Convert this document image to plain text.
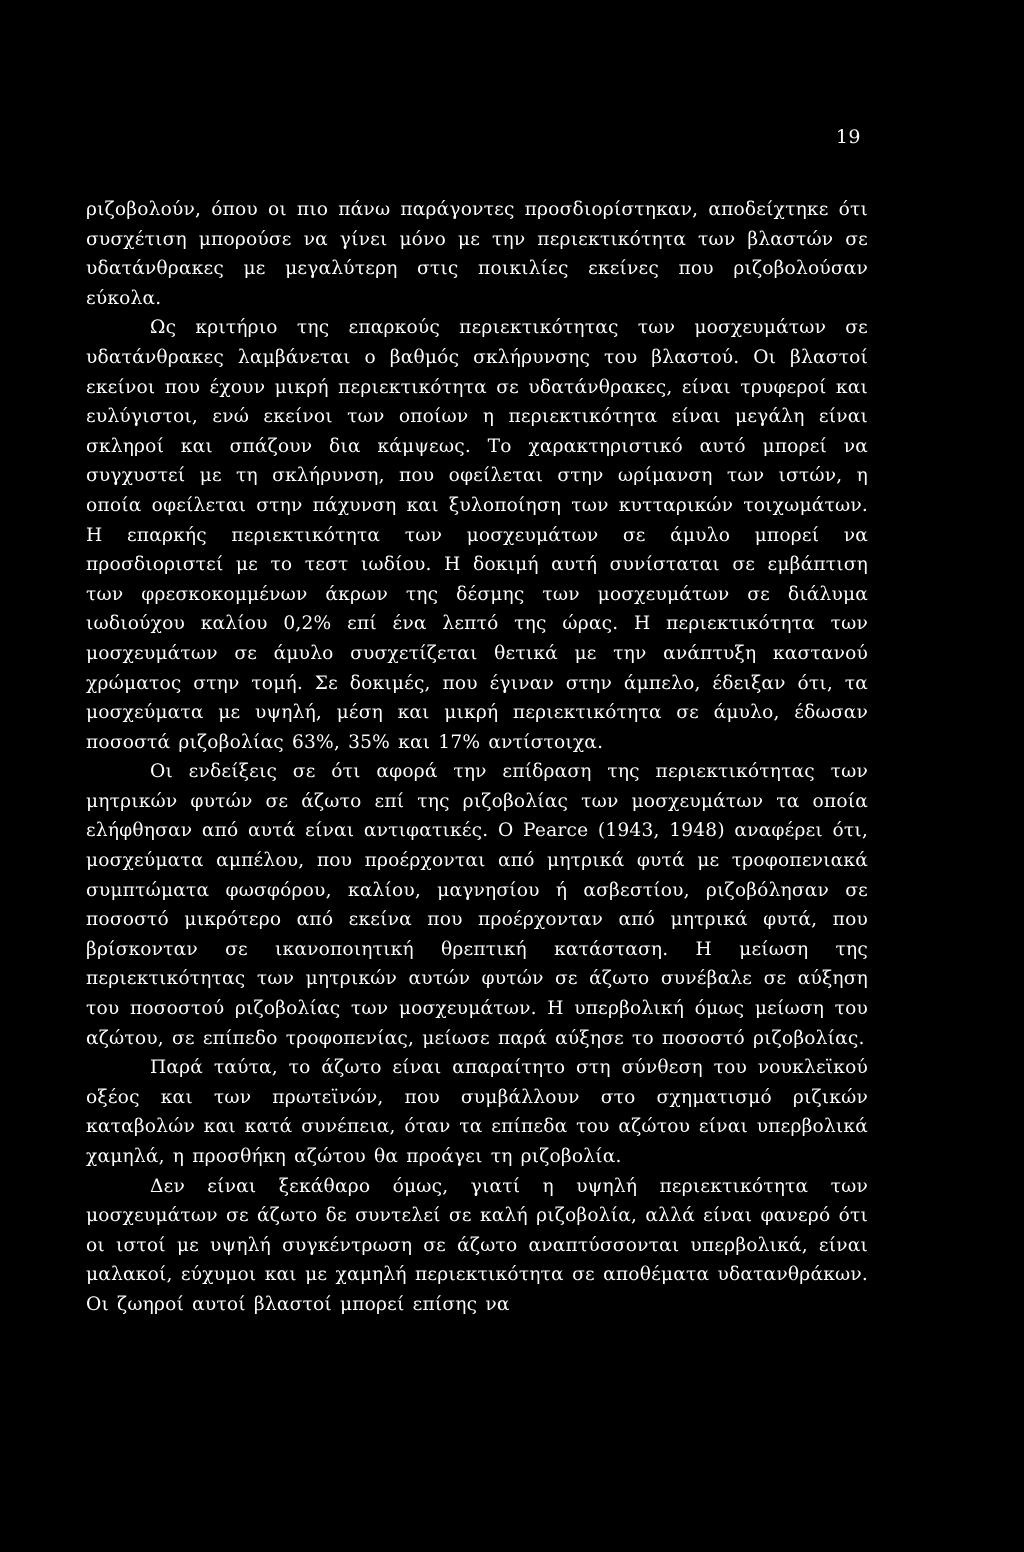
19

ριζοβολούν, όπου οι πιο πάνω παράγοντες προσδιορίστηκαν, αποδείχτηκε ότι συσχέτιση μπορούσε να γίνει μόνο με την περιεκτικότητα των βλαστών σε υδατάνθρακες με μεγαλύτερη στις ποικιλίες εκείνες που ριζοβολούσαν εύκολα.

Ως κριτήριο της επαρκούς περιεκτικότητας των μοσχευμάτων σε υδατάνθρακες λαμβάνεται ο βαθμός σκλήρυνσης του βλαστού. Οι βλαστοί εκείνοι που έχουν μικρή περιεκτικότητα σε υδατάνθρακες, είναι τρυφεροί και ευλύγιστοι, ενώ εκείνοι των οποίων η περιεκτικότητα είναι μεγάλη είναι σκληροί και σπάζουν δια κάμψεως. Το χαρακτηριστικό αυτό μπορεί να συγχυστεί με τη σκλήρυνση, που οφείλεται στην ωρίμανση των ιστών, η οποία οφείλεται στην πάχυνση και ξυλοποίηση των κυτταρικών τοιχωμάτων. Η επαρκής περιεκτικότητα των μοσχευμάτων σε άμυλο μπορεί να προσδιοριστεί με το τεστ ιωδίου. Η δοκιμή αυτή συνίσταται σε εμβάπτιση των φρεσκοκομμένων άκρων της δέσμης των μοσχευμάτων σε διάλυμα ιωδιούχου καλίου 0,2% επί ένα λεπτό της ώρας. Η περιεκτικότητα των μοσχευμάτων σε άμυλο συσχετίζεται θετικά με την ανάπτυξη καστανού χρώματος στην τομή. Σε δοκιμές, που έγιναν στην άμπελο, έδειξαν ότι, τα μοσχεύματα με υψηλή, μέση και μικρή περιεκτικότητα σε άμυλο, έδωσαν ποσοστά ριζοβολίας 63%, 35% και 17% αντίστοιχα.

Οι ενδείξεις σε ότι αφορά την επίδραση της περιεκτικότητας των μητρικών φυτών σε άζωτο επί της ριζοβολίας των μοσχευμάτων τα οποία ελήφθησαν από αυτά είναι αντιφατικές. Ο Pearce (1943, 1948) αναφέρει ότι, μοσχεύματα αμπέλου, που προέρχονται από μητρικά φυτά με τροφοπενιακά συμπτώματα φωσφόρου, καλίου, μαγνησίου ή ασβεστίου, ριζοβόλησαν σε ποσοστό μικρότερο από εκείνα που προέρχονταν από μητρικά φυτά, που βρίσκονταν σε ικανοποιητική θρεπτική κατάσταση. Η μείωση της περιεκτικότητας των μητρικών αυτών φυτών σε άζωτο συνέβαλε σε αύξηση του ποσοστού ριζοβολίας των μοσχευμάτων. Η υπερβολική όμως μείωση του αζώτου, σε επίπεδο τροφοπενίας, μείωσε παρά αύξησε το ποσοστό ριζοβολίας.

Παρά ταύτα, το άζωτο είναι απαραίτητο στη σύνθεση του νουκλεϊκού οξέος και των πρωτεϊνών, που συμβάλλουν στο σχηματισμό ριζικών καταβολών και κατά συνέπεια, όταν τα επίπεδα του αζώτου είναι υπερβολικά χαμηλά, η προσθήκη αζώτου θα προάγει τη ριζοβολία.

Δεν είναι ξεκάθαρο όμως, γιατί η υψηλή περιεκτικότητα των μοσχευμάτων σε άζωτο δε συντελεί σε καλή ριζοβολία, αλλά είναι φανερό ότι οι ιστοί με υψηλή συγκέντρωση σε άζωτο αναπτύσσονται υπερβολικά, είναι μαλακοί, εύχυμοι και με χαμηλή περιεκτικότητα σε αποθέματα υδατανθράκων. Οι ζωηροί αυτοί βλαστοί μπορεί επίσης να
